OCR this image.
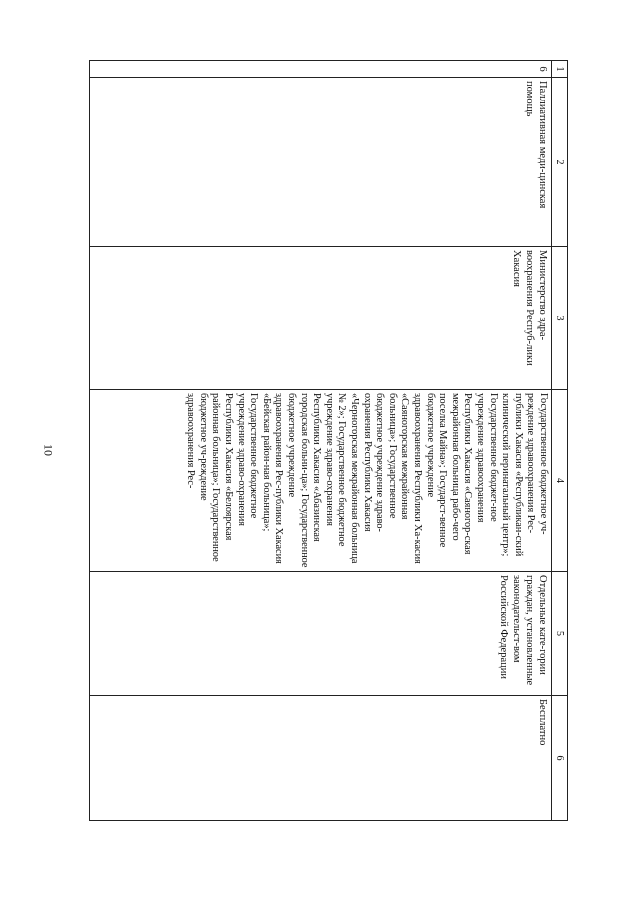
10
1	2	3	4	5	6
6	Паллиативная меди-цинская помощь	Министерство здра-воохранения Респуб-лики Хакасия	Государственное бюджетное уч-реждение здравоохранения Рес-публики Хакасия «Республикан-ский клинический перинатальный центр»; Государственное бюджет-ное учреждение здравоохранения Республики Хакасия «Саяногор-ская межрайонная больница рабо-чего поселка Майна»; Государст-венное бюджетное учреждение здравоохранения Республики Ха-касия «Саяногорская межрайонная больница»; Государственное бюджетное учреждение здраво-охранения Республики Хакасия «Черногорская межрайонная больница № 2»; Государственное бюджетное учреждение здраво-охранения Республики Хакасия «Абазинская городская больни-ца»; Государственное бюджетное учреждение здравоохранения Рес-публики Хакасия «Бейская район-ная больница»; Государственное бюджетное учреждение здраво-охранения Республики Хакасия «Белоярская районная больница»; Государственное бюджетное уч-реждение здравоохранения Рес-	Отдельные кате-гории граждан, установленные законодательст-вом Российской Федерации	Бесплатно
